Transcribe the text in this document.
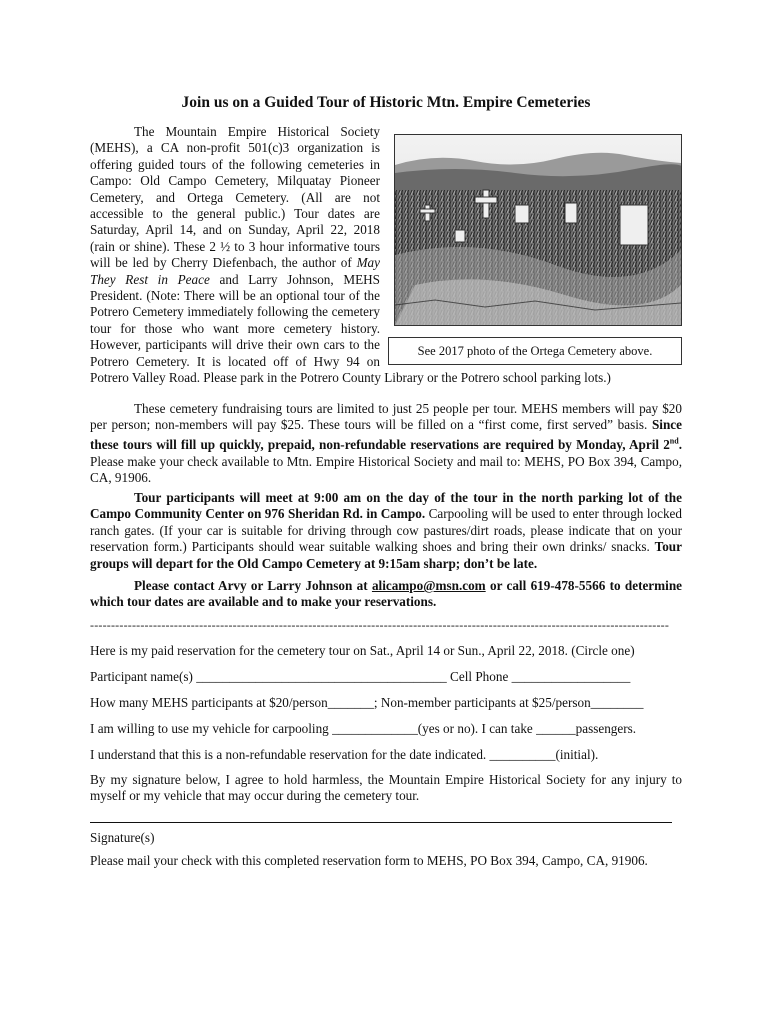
Join us on a Guided Tour of Historic Mtn. Empire Cemeteries
See 2017 photo of the Ortega Cemetery above.

The Mountain Empire Historical Society (MEHS), a CA non-profit 501(c)3 organization is offering guided tours of the following cemeteries in Campo: Old Campo Cemetery, Milquatay Pioneer Cemetery, and Ortega Cemetery. (All are not accessible to the general public.) Tour dates are Saturday, April 14, and on Sunday, April 22, 2018 (rain or shine). These 2 ½ to 3 hour informative tours will be led by Cherry Diefenbach, the author of May They Rest in Peace and Larry Johnson, MEHS President. (Note: There will be an optional tour of the Potrero Cemetery immediately following the cemetery tour for those who want more cemetery history. However, participants will drive their own cars to the Potrero Cemetery. It is located off of Hwy 94 on Potrero Valley Road. Please park in the Potrero County Library or the Potrero school parking lots.)

These cemetery fundraising tours are limited to just 25 people per tour. MEHS members will pay $20 per person; non-members will pay $25. These tours will be filled on a “first come, first served” basis. Since these tours will fill up quickly, prepaid, non-refundable reservations are required by Monday, April 2nd. Please make your check available to Mtn. Empire Historical Society and mail to: MEHS, PO Box 394, Campo, CA, 91906.
Tour participants will meet at 9:00 am on the day of the tour in the north parking lot of the Campo Community Center on 976 Sheridan Rd. in Campo. Carpooling will be used to enter through locked ranch gates. (If your car is suitable for driving through cow pastures/dirt roads, please indicate that on your reservation form.) Participants should wear suitable walking shoes and bring their own drinks/ snacks. Tour groups will depart for the Old Campo Cemetery at 9:15am sharp; don’t be late.
Please contact Arvy or Larry Johnson at alicampo@msn.com or call 619-478-5566 to determine which tour dates are available and to make your reservations.
------------------------------------------------------------------------------------------------------------------------------------------
Here is my paid reservation for the cemetery tour on Sat., April 14 or Sun., April 22, 2018. (Circle one)
Participant name(s) ______________________________________ Cell Phone __________________
How many MEHS participants at $20/person_______; Non-member participants at $25/person________
I am willing to use my vehicle for carpooling _____________(yes or no). I can take ______passengers.
I understand that this is a non-refundable reservation for the date indicated. __________(initial).
By my signature below, I agree to hold harmless, the Mountain Empire Historical Society for any injury to myself or my vehicle that may occur during the cemetery tour.
Signature(s)
Please mail your check with this completed reservation form to MEHS, PO Box 394, Campo, CA, 91906.
